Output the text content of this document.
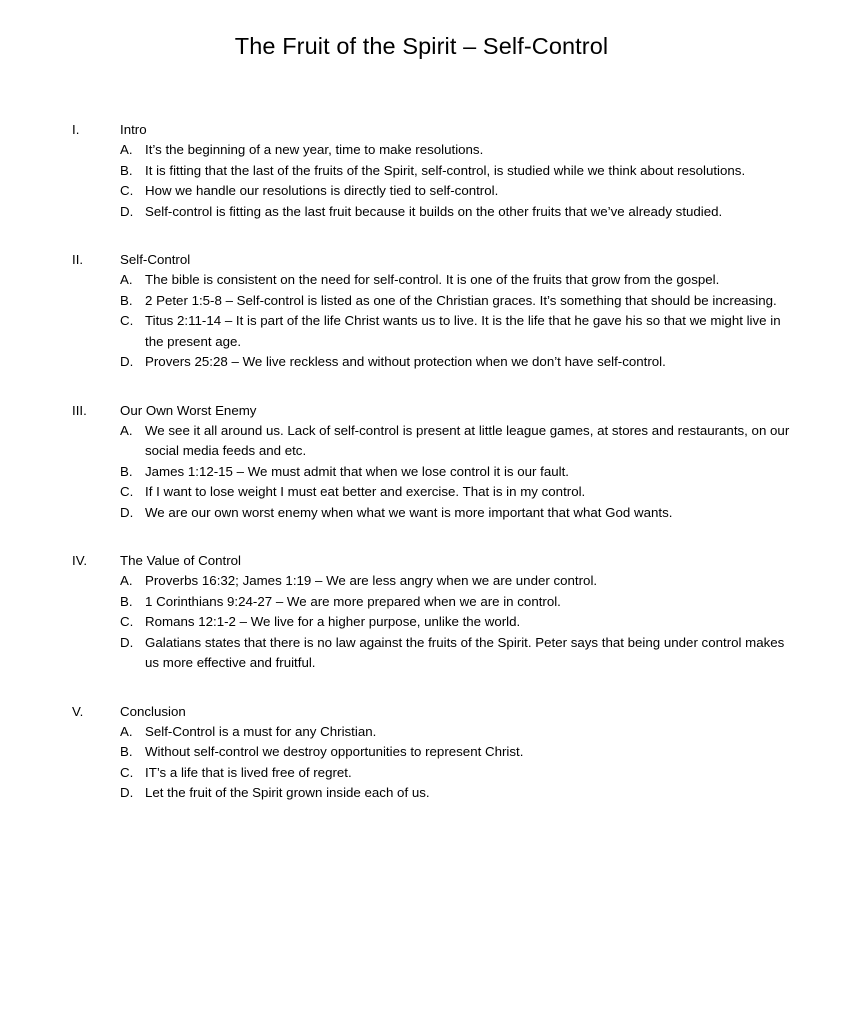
The Fruit of the Spirit – Self-Control
I.	Intro
A. It’s the beginning of a new year, time to make resolutions.
B. It is fitting that the last of the fruits of the Spirit, self-control, is studied while we think about resolutions.
C. How we handle our resolutions is directly tied to self-control.
D. Self-control is fitting as the last fruit because it builds on the other fruits that we’ve already studied.
II.	Self-Control
A. The bible is consistent on the need for self-control. It is one of the fruits that grow from the gospel.
B. 2 Peter 1:5-8 – Self-control is listed as one of the Christian graces. It’s something that should be increasing.
C. Titus 2:11-14 – It is part of the life Christ wants us to live. It is the life that he gave his so that we might live in the present age.
D. Provers 25:28 – We live reckless and without protection when we don’t have self-control.
III.	Our Own Worst Enemy
A. We see it all around us. Lack of self-control is present at little league games, at stores and restaurants, on our social media feeds and etc.
B. James 1:12-15 – We must admit that when we lose control it is our fault.
C. If I want to lose weight I must eat better and exercise. That is in my control.
D. We are our own worst enemy when what we want is more important that what God wants.
IV.	The Value of Control
A. Proverbs 16:32; James 1:19 – We are less angry when we are under control.
B. 1 Corinthians 9:24-27 – We are more prepared when we are in control.
C. Romans 12:1-2 – We live for a higher purpose, unlike the world.
D. Galatians states that there is no law against the fruits of the Spirit. Peter says that being under control makes us more effective and fruitful.
V.	Conclusion
A. Self-Control is a must for any Christian.
B. Without self-control we destroy opportunities to represent Christ.
C. IT’s a life that is lived free of regret.
D. Let the fruit of the Spirit grown inside each of us.
